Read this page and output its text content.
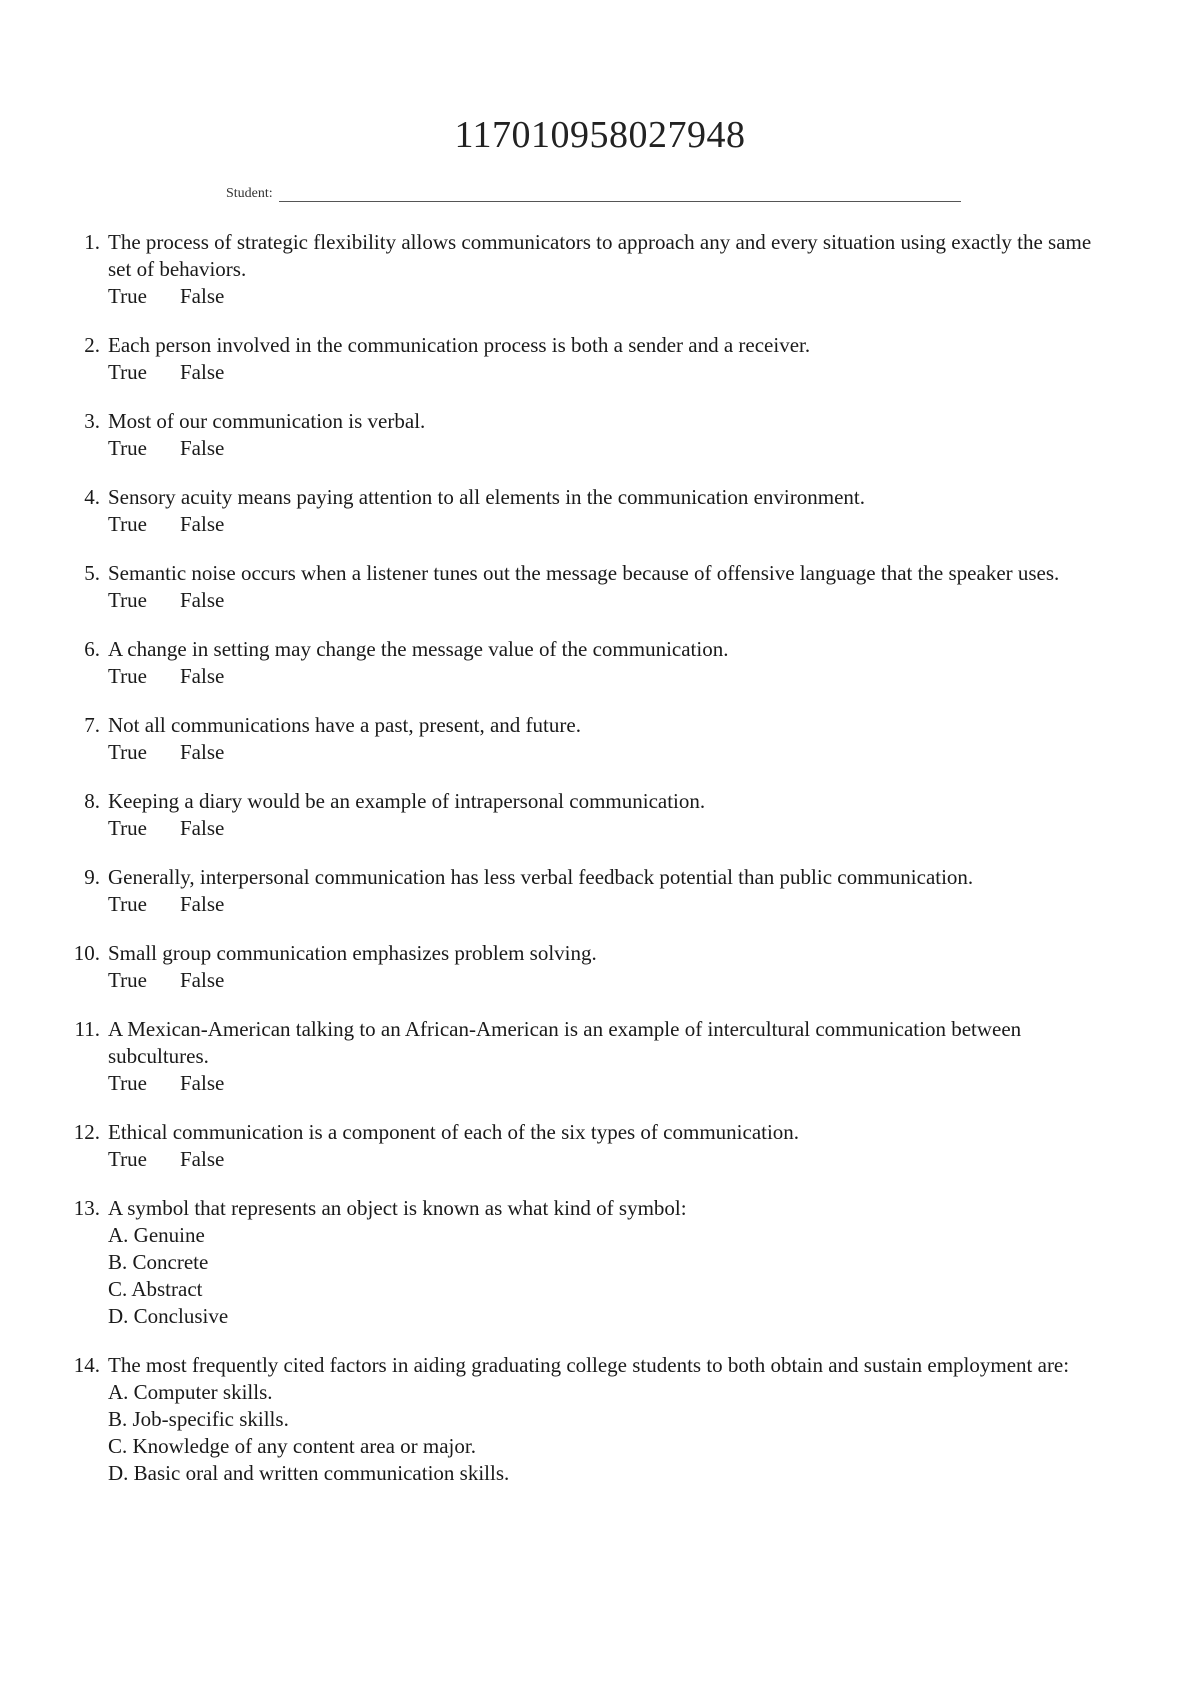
117010958027948
Student:
1. The process of strategic flexibility allows communicators to approach any and every situation using exactly the same set of behaviors.
True	False
2. Each person involved in the communication process is both a sender and a receiver.
True	False
3. Most of our communication is verbal.
True	False
4. Sensory acuity means paying attention to all elements in the communication environment.
True	False
5. Semantic noise occurs when a listener tunes out the message because of offensive language that the speaker uses.
True	False
6. A change in setting may change the message value of the communication.
True	False
7. Not all communications have a past, present, and future.
True	False
8. Keeping a diary would be an example of intrapersonal communication.
True	False
9. Generally, interpersonal communication has less verbal feedback potential than public communication.
True	False
10. Small group communication emphasizes problem solving.
True	False
11. A Mexican-American talking to an African-American is an example of intercultural communication between subcultures.
True	False
12. Ethical communication is a component of each of the six types of communication.
True	False
13. A symbol that represents an object is known as what kind of symbol:
A. Genuine
B. Concrete
C. Abstract
D. Conclusive
14. The most frequently cited factors in aiding graduating college students to both obtain and sustain employment are:
A. Computer skills.
B. Job-specific skills.
C. Knowledge of any content area or major.
D. Basic oral and written communication skills.
